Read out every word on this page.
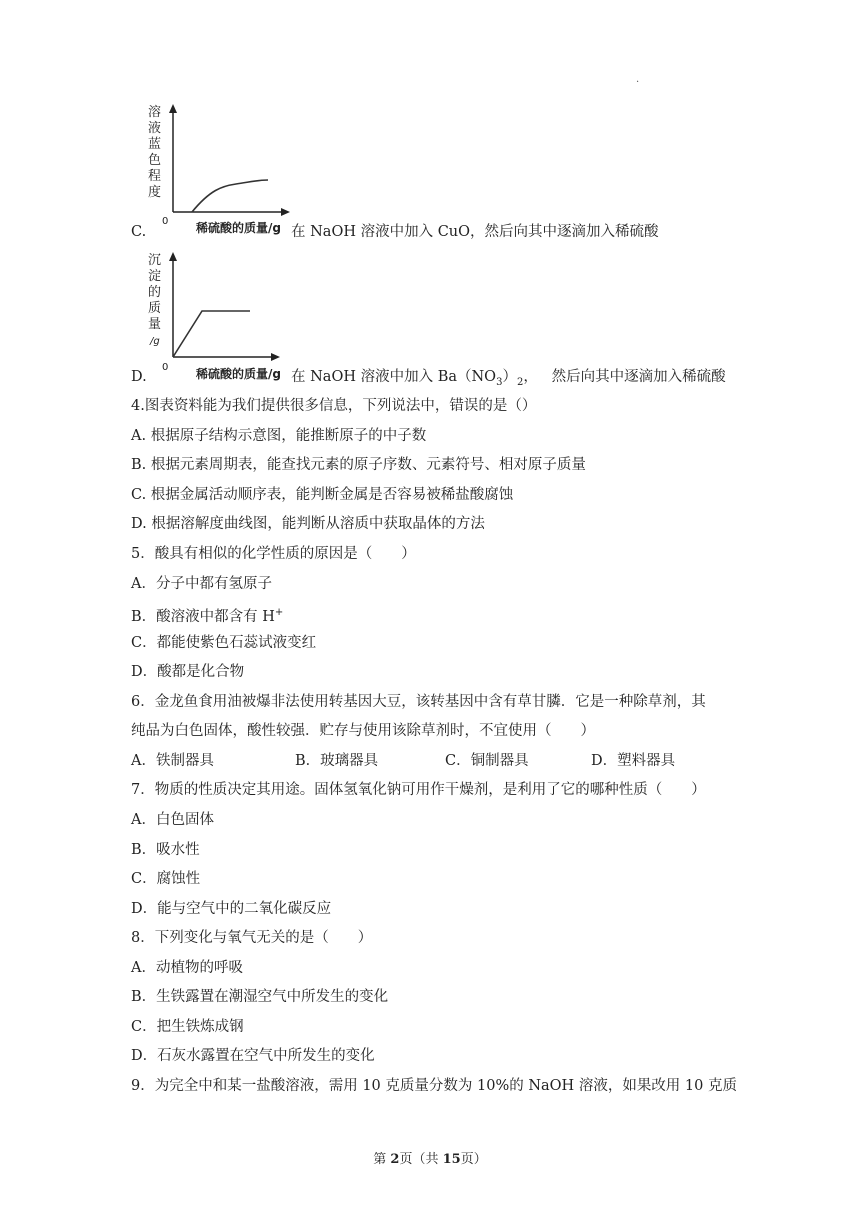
.
溶
液
蓝
色
程
度
0 稀硫酸的质量/g
C.	在 NaOH 溶液中加入 CuO，然后向其中逐滴加入稀硫酸
沉
淀
的
质
量
/g
0 稀硫酸的质量/g
D.	在 NaOH 溶液中加入 $Ba(NO_3)_2$，   然后向其中逐滴加入稀硫酸
4.图表资料能为我们提供很多信息，下列说法中，错误的是（）
A. 根据原子结构示意图，能推断原子的中子数
B. 根据元素周期表，能查找元素的原子序数、元素符号、相对原子质量
C. 根据金属活动顺序表，能判断金属是否容易被稀盐酸腐蚀
D. 根据溶解度曲线图，能判断从溶质中获取晶体的方法
5．酸具有相似的化学性质的原因是（　　）
A．分子中都有氢原子
B．酸溶液中都含有 H+
C．都能使紫色石蕊试液变红
D．酸都是化合物
6．金龙鱼食用油被爆非法使用转基因大豆，该转基因中含有草甘膦．它是一种除草剂，其
纯品为白色固体，酸性较强．贮存与使用该除草剂时，不宜使用（　　）
A．铁制器具	B．玻璃器具	C．铜制器具	D．塑料器具
7．物质的性质决定其用途。固体氢氧化钠可用作干燥剂，是利用了它的哪种性质（　　）
A．白色固体
B．吸水性
C．腐蚀性
D．能与空气中的二氧化碳反应
8．下列变化与氧气无关的是（　　）
A．动植物的呼吸
B．生铁露置在潮湿空气中所发生的变化
C．把生铁炼成钢
D．石灰水露置在空气中所发生的变化
9．为完全中和某一盐酸溶液，需用 10 克质量分数为 10%的 NaOH 溶液，如果改用 10 克质
第 2页（共 15页）
